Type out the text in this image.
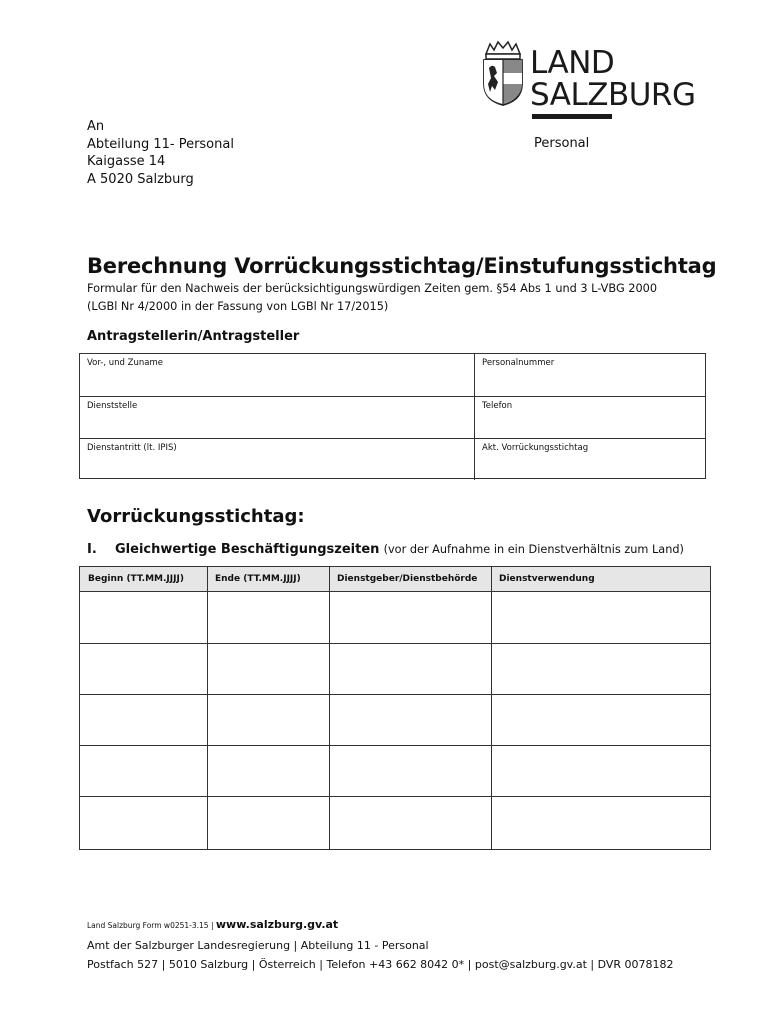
LAND
SALZBURG
An
Abteilung 11- Personal
Kaigasse 14
A 5020 Salzburg
Personal
Berechnung Vorrückungsstichtag/Einstufungsstichtag
Formular für den Nachweis der berücksichtigungswürdigen Zeiten gem. §54 Abs 1 und 3 L-VBG 2000
(LGBl Nr 4/2000 in der Fassung von LGBl Nr 17/2015)
Antragstellerin/Antragsteller
Vor-, und Zuname	Personalnummer
Dienststelle	Telefon
Dienstantritt (lt. IPIS)	Akt. Vorrückungsstichtag
Vorrückungsstichtag:
I. Gleichwertige Beschäftigungszeiten (vor der Aufnahme in ein Dienstverhältnis zum Land)
Beginn (TT.MM.JJJJ)	Ende (TT.MM.JJJJ)	Dienstgeber/Dienstbehörde	Dienstverwendung
Land Salzburg Form w0251-3.15 | www.salzburg.gv.at
Amt der Salzburger Landesregierung | Abteilung 11 - Personal
Postfach 527 | 5010 Salzburg | Österreich | Telefon +43 662 8042 0* | post@salzburg.gv.at | DVR 0078182
